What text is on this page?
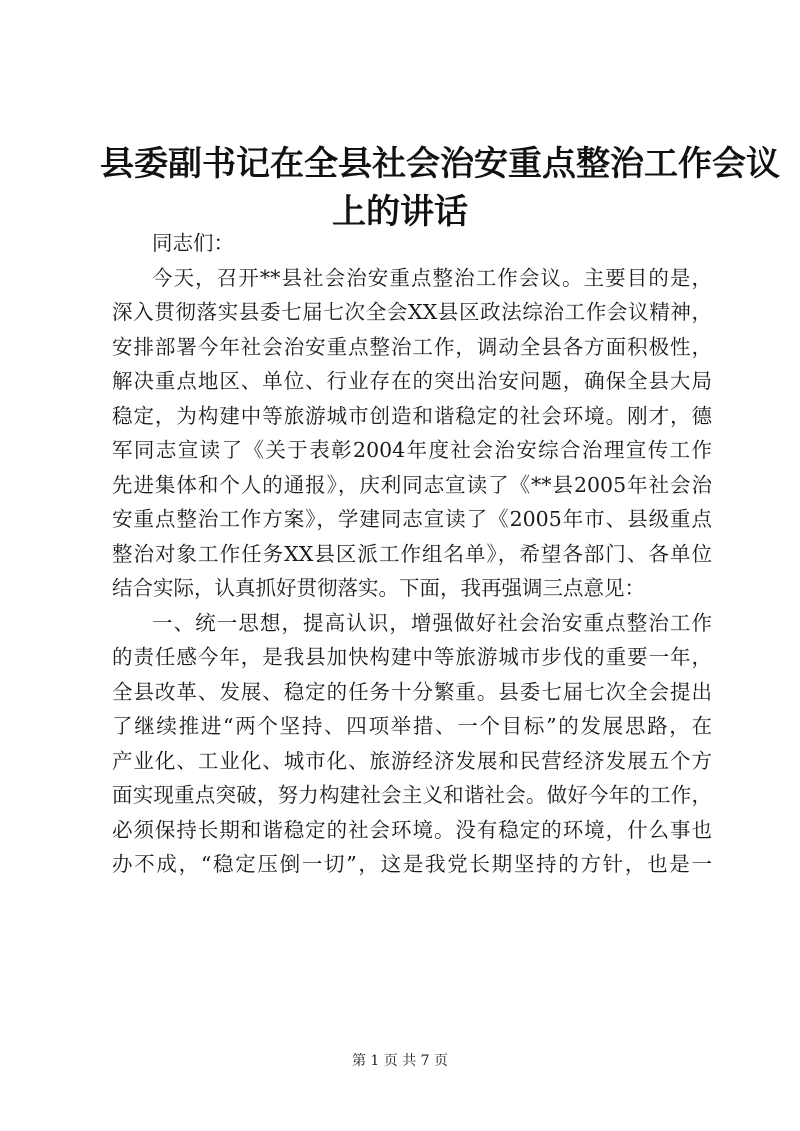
县委副书记在全县社会治安重点整治工作会议
上的讲话
同志们：
今天，召开**县社会治安重点整治工作会议。主要目的是，
深入贯彻落实县委七届七次全会XX县区政法综治工作会议精神，
安排部署今年社会治安重点整治工作，调动全县各方面积极性，
解决重点地区、单位、行业存在的突出治安问题，确保全县大局
稳定，为构建中等旅游城市创造和谐稳定的社会环境。刚才，德
军同志宣读了《关于表彰2004年度社会治安综合治理宣传工作
先进集体和个人的通报》，庆利同志宣读了《**县2005年社会治
安重点整治工作方案》，学建同志宣读了《2005年市、县级重点
整治对象工作任务XX县区派工作组名单》，希望各部门、各单位
结合实际，认真抓好贯彻落实。下面，我再强调三点意见：
一、统一思想，提高认识，增强做好社会治安重点整治工作
的责任感今年，是我县加快构建中等旅游城市步伐的重要一年，
全县改革、发展、稳定的任务十分繁重。县委七届七次全会提出
了继续推进“两个坚持、四项举措、一个目标”的发展思路，在
产业化、工业化、城市化、旅游经济发展和民营经济发展五个方
面实现重点突破，努力构建社会主义和谐社会。做好今年的工作，
必须保持长期和谐稳定的社会环境。没有稳定的环境，什么事也
办不成，“稳定压倒一切”，这是我党长期坚持的方针，也是一
第 1 页 共 7 页
